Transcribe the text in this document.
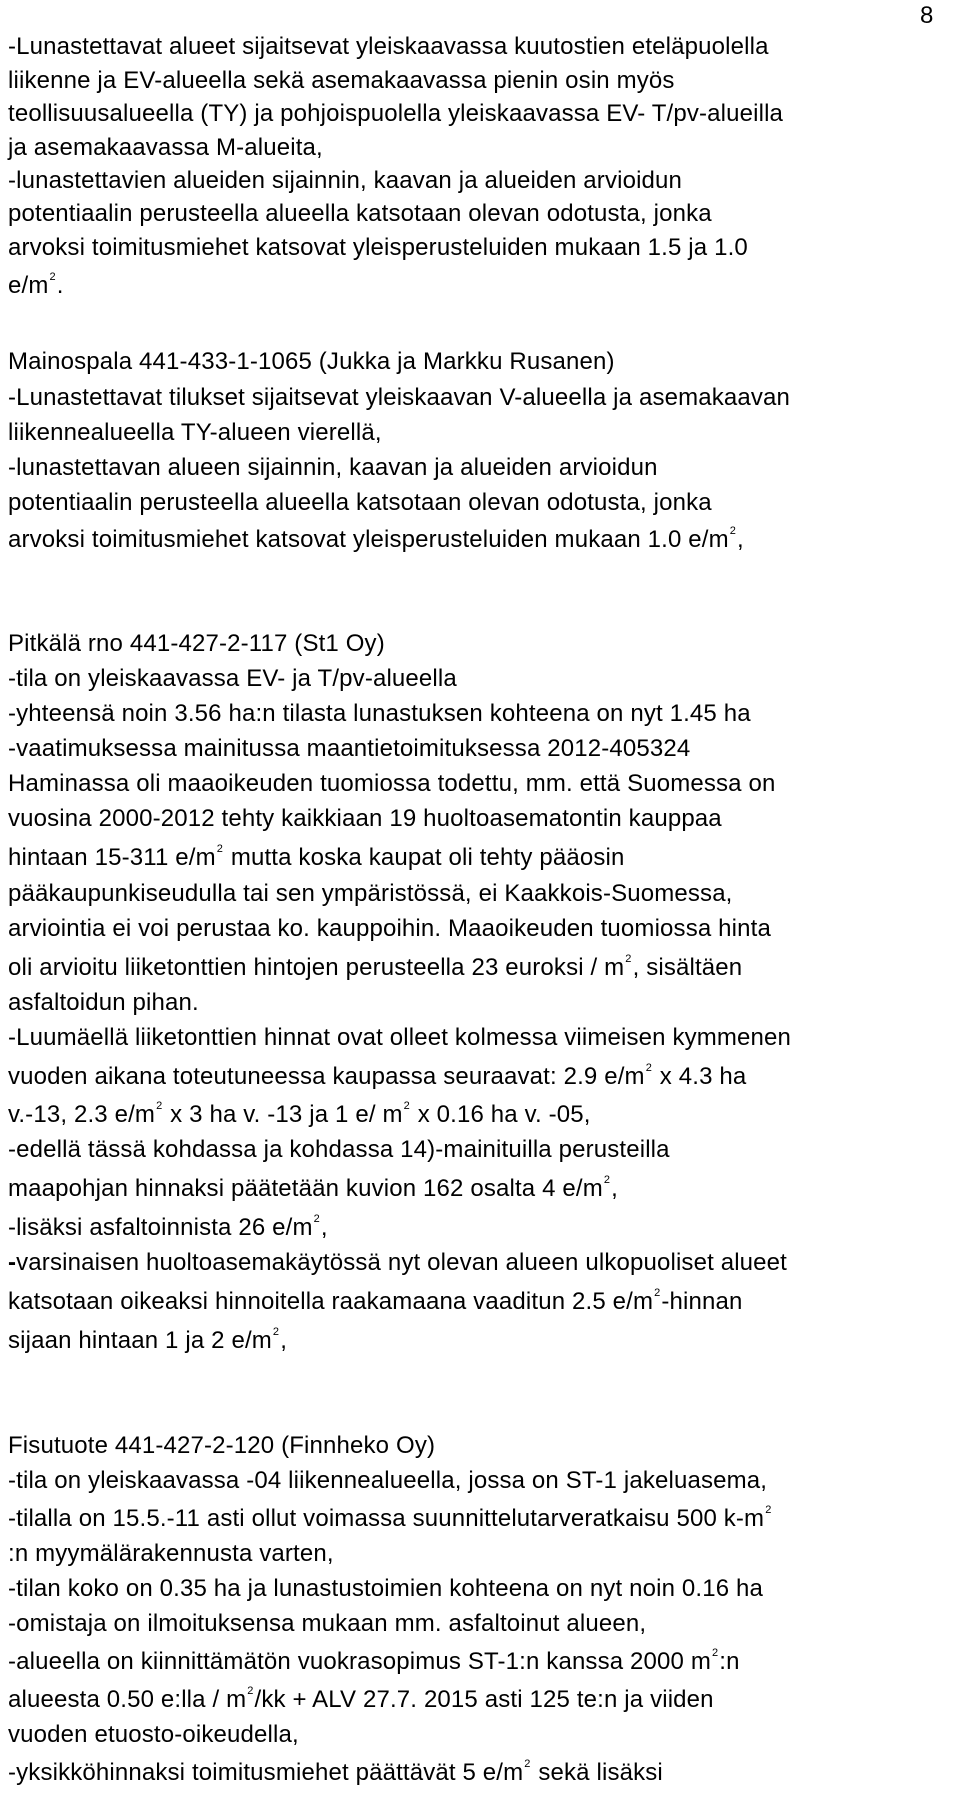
8
-Lunastettavat alueet sijaitsevat yleiskaavassa kuutostien eteläpuolella
liikenne ja EV-alueella sekä asemakaavassa pienin osin myös
teollisuusalueella (TY) ja pohjoispuolella yleiskaavassa EV- T/pv-alueilla
ja asemakaavassa M-alueita,
-lunastettavien alueiden sijainnin, kaavan ja alueiden arvioidun
potentiaalin perusteella alueella katsotaan olevan odotusta, jonka
arvoksi toimitusmiehet katsovat yleisperusteluiden mukaan 1.5 ja 1.0
$e/m^2$.
Mainospala 441-433-1-1065 (Jukka ja Markku Rusanen)
-Lunastettavat tilukset sijaitsevat yleiskaavan V-alueella ja asemakaavan
liikennealueella TY-alueen vierellä,
-lunastettavan alueen sijainnin, kaavan ja alueiden arvioidun
potentiaalin perusteella alueella katsotaan olevan odotusta, jonka
arvoksi toimitusmiehet katsovat yleisperusteluiden mukaan 1.0 $e/m^2$,
Pitkälä rno 441-427-2-117 (St1 Oy)
-tila on yleiskaavassa EV- ja T/pv-alueella
-yhteensä noin 3.56 ha:n tilasta lunastuksen kohteena on nyt 1.45 ha
-vaatimuksessa mainitussa maantietoimituksessa 2012-405324
Haminassa oli maaoikeuden tuomiossa todettu, mm. että Suomessa on
vuosina 2000-2012 tehty kaikkiaan 19 huoltoasematontin kauppaa
hintaan 15-311 $e/m^2$ mutta koska kaupat oli tehty pääosin
pääkaupunkiseudulla tai sen ympäristössä, ei Kaakkois-Suomessa,
arviointia ei voi perustaa ko. kauppoihin. Maaoikeuden tuomiossa hinta
oli arvioitu liiketonttien hintojen perusteella 23 euroksi / $m^2$, sisältäen
asfaltoidun pihan.
-Luumäellä liiketonttien hinnat ovat olleet kolmessa viimeisen kymmenen
vuoden aikana toteutuneessa kaupassa seuraavat: 2.9 $e/m^2$ x 4.3 ha
v.-13, 2.3 $e/m^2$ x 3 ha v. -13 ja 1 e/ $m^2$ x 0.16 ha v. -05,
-edellä tässä kohdassa ja kohdassa 14)-mainituilla perusteilla
maapohjan hinnaksi päätetään kuvion 162 osalta 4 $e/m^2$,
-lisäksi asfaltoinnista 26 $e/m^2$,
-varsinaisen huoltoasemakäytössä nyt olevan alueen ulkopuoliset alueet
katsotaan oikeaksi hinnoitella raakamaana vaaditun 2.5 $e/m^2$-hinnan
sijaan hintaan 1 ja 2 $e/m^2$,
Fisutuote 441-427-2-120 (Finnheko Oy)
-tila on yleiskaavassa -04 liikennealueella, jossa on ST-1 jakeluasema,
-tilalla on 15.5.-11 asti ollut voimassa suunnittelutarveratkaisu 500 $k-m^2$
:n myymälärakennusta varten,
-tilan koko on 0.35 ha ja lunastustoimien kohteena on nyt noin 0.16 ha
-omistaja on ilmoituksensa mukaan mm. asfaltoinut alueen,
-alueella on kiinnittämätön vuokrasopimus ST-1:n kanssa 2000 $m^2:n$
alueesta 0.50 e:lla / $m^2/kk$ + ALV 27.7. 2015 asti 125 te:n ja viiden
vuoden etuosto-oikeudella,
-yksikköhinnaksi toimitusmiehet päättävät 5 $e/m^2$ sekä lisäksi
